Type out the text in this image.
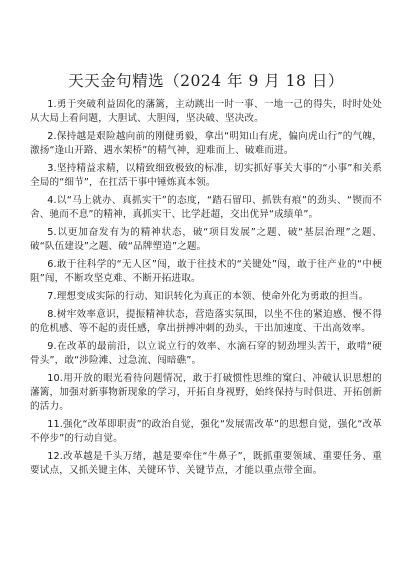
天天金句精选（2024 年 9 月 18 日）

1.勇于突破利益固化的藩篱，主动跳出一时一事、一地一己的得失，时时处处从大局上看问题，大胆试、大胆闯，坚决破、坚决改。

2.保持越是艰险越向前的刚健勇毅，拿出“明知山有虎，偏向虎山行”的气魄，激扬“逢山开路、遇水架桥”的精气神，迎难而上、破难而进。

3.坚持精益求精，以精致细致极致的标准，切实抓好事关大事的“小事”和关系全局的“细节”，在扛活干事中锤炼真本领。

4.以“马上就办、真抓实干”的态度，“踏石留印、抓铁有痕”的劲头、“锲而不舍、驰而不息”的精神，真抓实干、比学赶超，交出优异“成绩单”。

5.以更加奋发有为的精神状态，破“项目发展”之题、破“基层治理”之题、破“队伍建设”之题、破“品牌塑造”之题。

6.敢于往科学的“无人区”闯，敢于往技术的“关键处”闯，敢于往产业的“中梗阻”闯，不断攻坚克难、不断开拓进取。

7.理想变成实际的行动、知识转化为真正的本领、使命外化为勇敢的担当。

8.树牢效率意识，提振精神状态，营造落实氛围，以坐不住的紧迫感、慢不得的危机感、等不起的责任感，拿出拼搏冲刺的劲头，干出加速度、干出高效率。

9.在改革的最前沿，以立说立行的效率、水滴石穿的韧劲埋头苦干，敢啃“硬骨头”，敢“涉险滩、过急流、闯暗礁”。

10.用开放的眼光看待问题情况，敢于打破惯性思维的窠臼、冲破认识思想的藩篱，加强对新事物新现象的学习，开拓自身视野，始终保持与时俱进、开拓创新的活力。

11.强化“改革即职责”的政治自觉，强化“发展需改革”的思想自觉，强化“改革不停步”的行动自觉。

12.改革越是千头万绪，越是要牵住“牛鼻子”，既抓重要领域、重要任务、重要试点，又抓关键主体、关键环节、关键节点，才能以重点带全面。
